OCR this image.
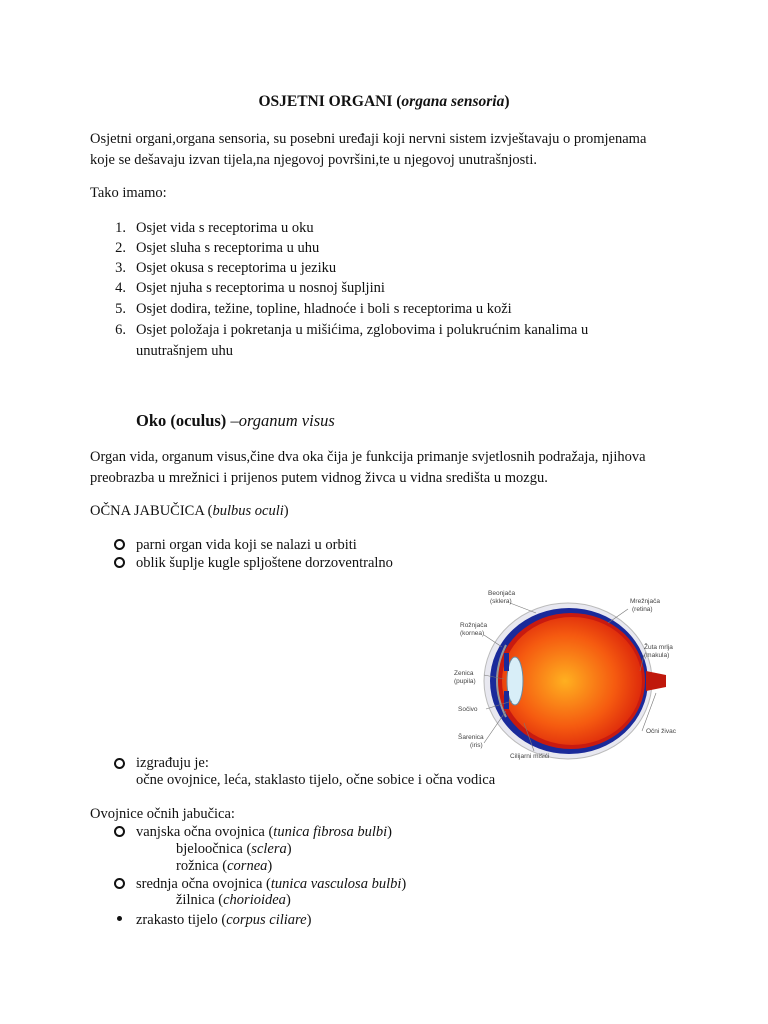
OSJETNI ORGANI (organa sensoria)
Osjetni organi,organa sensoria, su posebni uređaji koji nervni sistem izvještavaju o promjenama
koje se dešavaju izvan tijela,na njegovoj površini,te u njegovoj unutrašnjosti.
Tako imamo:
1. Osjet vida s receptorima u oku
2. Osjet sluha s receptorima u uhu
3. Osjet okusa s receptorima u jeziku
4. Osjet njuha s receptorima u nosnoj šupljini
5. Osjet dodira, težine, topline, hladnoće i boli s receptorima u koži
6. Osjet položaja i pokretanja u mišićima, zglobovima i polukrućnim kanalima u
unutrašnjem uhu
Oko (oculus) –organum visus
Organ vida, organum visus,čine dva oka čija je funkcija primanje svjetlosnih podražaja, njihova
preobrazba u mrežnici i prijenos putem vidnog živca u vidna središta u mozgu.
OČNA JABUČICA (bulbus oculi)
parni organ vida koji se nalazi u orbiti
oblik šuplje kugle spljoštene dorzoventralno
Beonjača
(sklera)
Rožnjača
(kornea)
Zenica
(pupila)
Sočivo
Šarenica
(iris)
Cilijarni mišići
Mrežnjača
(retina)
Žuta mrlja
(makula)
Očni živac
izgrađuju je:
očne ovojnice, leća, staklasto tijelo, očne sobice i očna vodica
Ovojnice očnih jabučica:
vanjska očna ovojnica (tunica fibrosa bulbi)
bjeloočnica (sclera)
rožnica (cornea)
srednja očna ovojnica (tunica vasculosa bulbi)
žilnica (chorioidea)
zrakasto tijelo (corpus ciliare)
